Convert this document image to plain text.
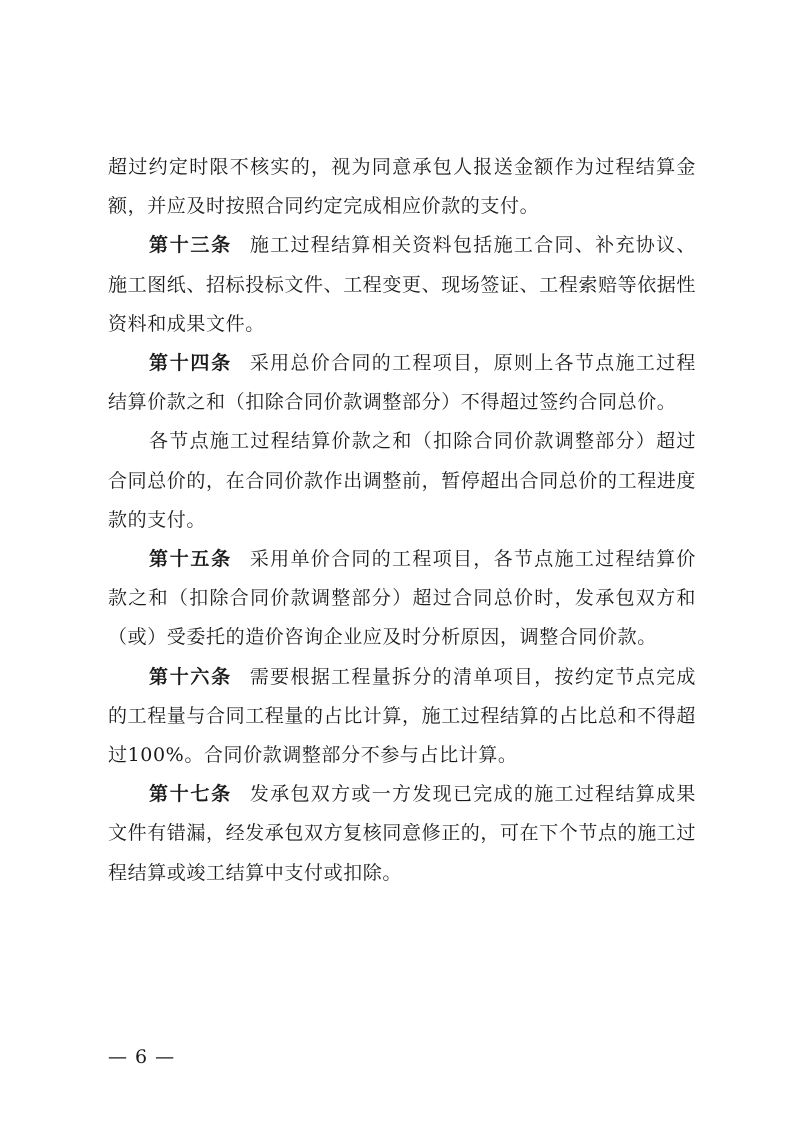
超过约定时限不核实的，视为同意承包人报送金额作为过程结算金额，并应及时按照合同约定完成相应价款的支付。

第十三条 施工过程结算相关资料包括施工合同、补充协议、施工图纸、招标投标文件、工程变更、现场签证、工程索赔等依据性资料和成果文件。

第十四条 采用总价合同的工程项目，原则上各节点施工过程结算价款之和（扣除合同价款调整部分）不得超过签约合同总价。

各节点施工过程结算价款之和（扣除合同价款调整部分）超过合同总价的，在合同价款作出调整前，暂停超出合同总价的工程进度款的支付。

第十五条 采用单价合同的工程项目，各节点施工过程结算价款之和（扣除合同价款调整部分）超过合同总价时，发承包双方和（或）受委托的造价咨询企业应及时分析原因，调整合同价款。

第十六条 需要根据工程量拆分的清单项目，按约定节点完成的工程量与合同工程量的占比计算，施工过程结算的占比总和不得超过100%。合同价款调整部分不参与占比计算。

第十七条 发承包双方或一方发现已完成的施工过程结算成果文件有错漏，经发承包双方复核同意修正的，可在下个节点的施工过程结算或竣工结算中支付或扣除。

— 6 —
